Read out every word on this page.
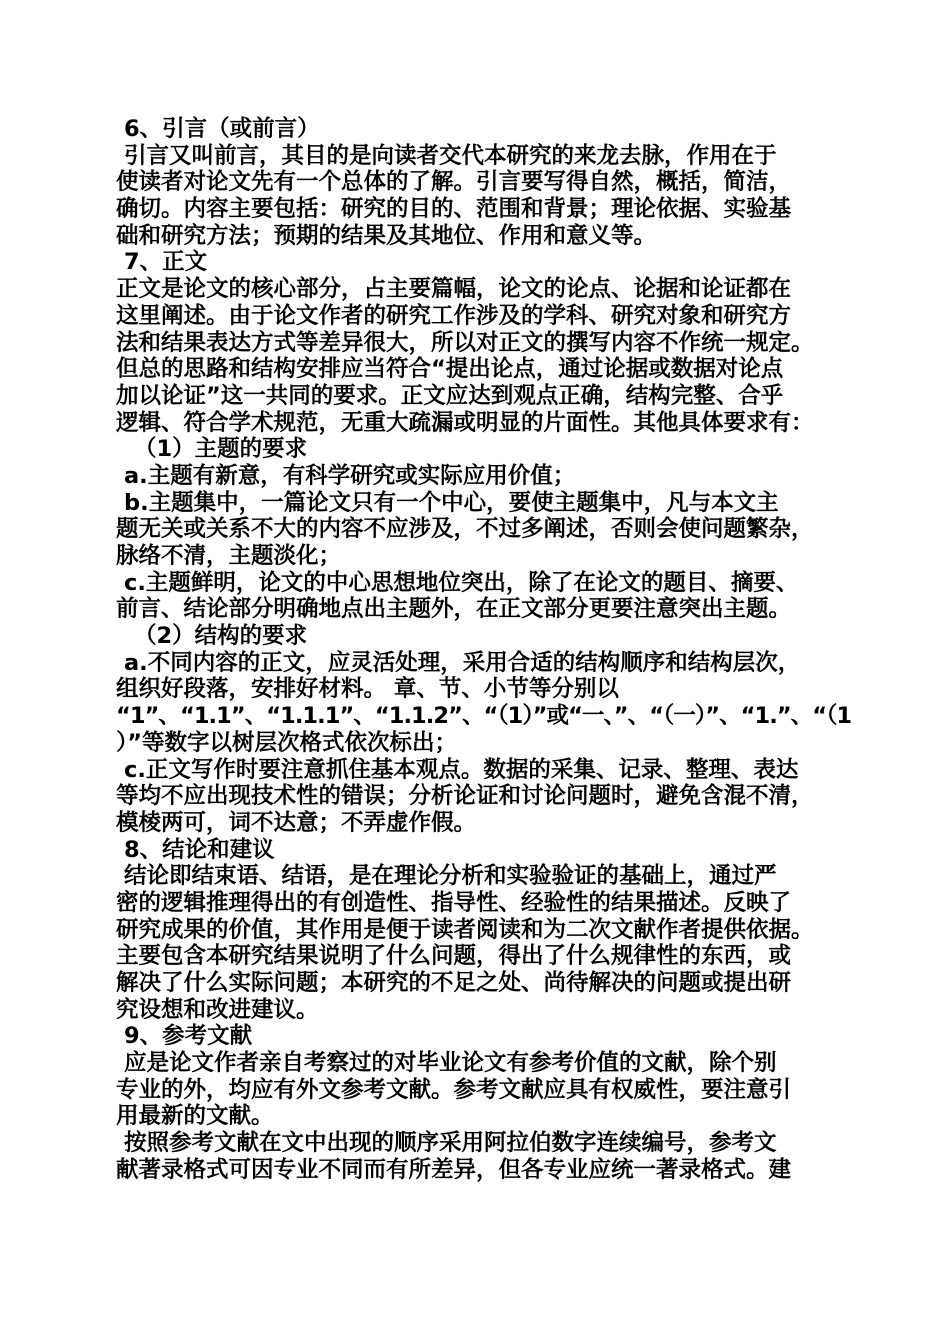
6、引言（或前言）
引言又叫前言，其目的是向读者交代本研究的来龙去脉，作用在于
使读者对论文先有一个总体的了解。引言要写得自然，概括，简洁，
确切。内容主要包括：研究的目的、范围和背景；理论依据、实验基
础和研究方法；预期的结果及其地位、作用和意义等。
7、正文
正文是论文的核心部分，占主要篇幅，论文的论点、论据和论证都在
这里阐述。由于论文作者的研究工作涉及的学科、研究对象和研究方
法和结果表达方式等差异很大，所以对正文的撰写内容不作统一规定。
但总的思路和结构安排应当符合“提出论点，通过论据或数据对论点
加以论证”这一共同的要求。正文应达到观点正确，结构完整、合乎
逻辑、符合学术规范，无重大疏漏或明显的片面性。其他具体要求有：
（1）主题的要求
a.主题有新意，有科学研究或实际应用价值；
b.主题集中，一篇论文只有一个中心，要使主题集中，凡与本文主
题无关或关系不大的内容不应涉及，不过多阐述，否则会使问题繁杂，
脉络不清，主题淡化；
c.主题鲜明，论文的中心思想地位突出，除了在论文的题目、摘要、
前言、结论部分明确地点出主题外，在正文部分更要注意突出主题。
（2）结构的要求
a.不同内容的正文，应灵活处理，采用合适的结构顺序和结构层次，
组织好段落，安排好材料。 章、节、小节等分别以
“1”、“1.1”、“1.1.1”、“1.1.2”、“（1）”或“一、”、“（一）”、“1.”、“（1
）”等数字以树层次格式依次标出；
c.正文写作时要注意抓住基本观点。数据的采集、记录、整理、表达
等均不应出现技术性的错误；分析论证和讨论问题时，避免含混不清，
模棱两可，词不达意；不弄虚作假。
8、结论和建议
结论即结束语、结语，是在理论分析和实验验证的基础上，通过严
密的逻辑推理得出的有创造性、指导性、经验性的结果描述。反映了
研究成果的价值，其作用是便于读者阅读和为二次文献作者提供依据。
主要包含本研究结果说明了什么问题，得出了什么规律性的东西，或
解决了什么实际问题；本研究的不足之处、尚待解决的问题或提出研
究设想和改进建议。
9、参考文献
应是论文作者亲自考察过的对毕业论文有参考价值的文献，除个别
专业的外，均应有外文参考文献。参考文献应具有权威性，要注意引
用最新的文献。
按照参考文献在文中出现的顺序采用阿拉伯数字连续编号，参考文
献著录格式可因专业不同而有所差异，但各专业应统一著录格式。建
